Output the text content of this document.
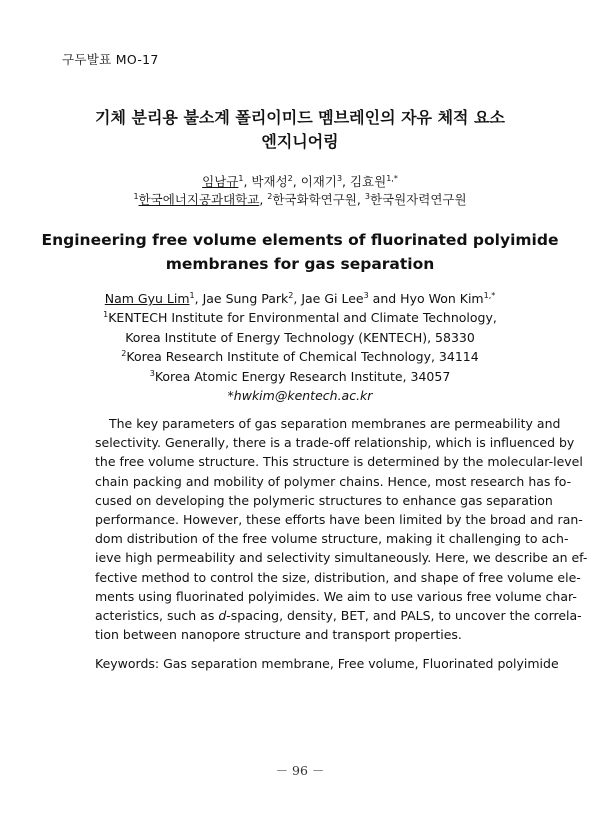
구두발표 MO-17
기체 분리용 불소계 폴리이미드 멤브레인의 자유 체적 요소
엔지니어링
임남규$^1$, 박재성$^2$, 이재기$^3$, 김효원$^{1,*}$
$^1$한국에너지공과대학교, $^2$한국화학연구원, $^3$한국원자력연구원
Engineering free volume elements of fluorinated polyimide
membranes for gas separation
Nam Gyu Lim$^1$, Jae Sung Park$^2$, Jae Gi Lee$^3$ and Hyo Won Kim$^{1,*}$
$^1$KENTECH Institute for Environmental and Climate Technology,
Korea Institute of Energy Technology (KENTECH), 58330
$^2$Korea Research Institute of Chemical Technology, 34114
$^3$Korea Atomic Energy Research Institute, 34057
*hwkim@kentech.ac.kr
The key parameters of gas separation membranes are permeability and
selectivity. Generally, there is a trade-off relationship, which is influenced by
the free volume structure. This structure is determined by the molecular-level
chain packing and mobility of polymer chains. Hence, most research has fo-
cused on developing the polymeric structures to enhance gas separation
performance. However, these efforts have been limited by the broad and ran-
dom distribution of the free volume structure, making it challenging to ach-
ieve high permeability and selectivity simultaneously. Here, we describe an ef-
fective method to control the size, distribution, and shape of free volume ele-
ments using fluorinated polyimides. We aim to use various free volume char-
acteristics, such as d-spacing, density, BET, and PALS, to uncover the correla-
tion between nanopore structure and transport properties.
Keywords: Gas separation membrane, Free volume, Fluorinated polyimide
－ 96 －
